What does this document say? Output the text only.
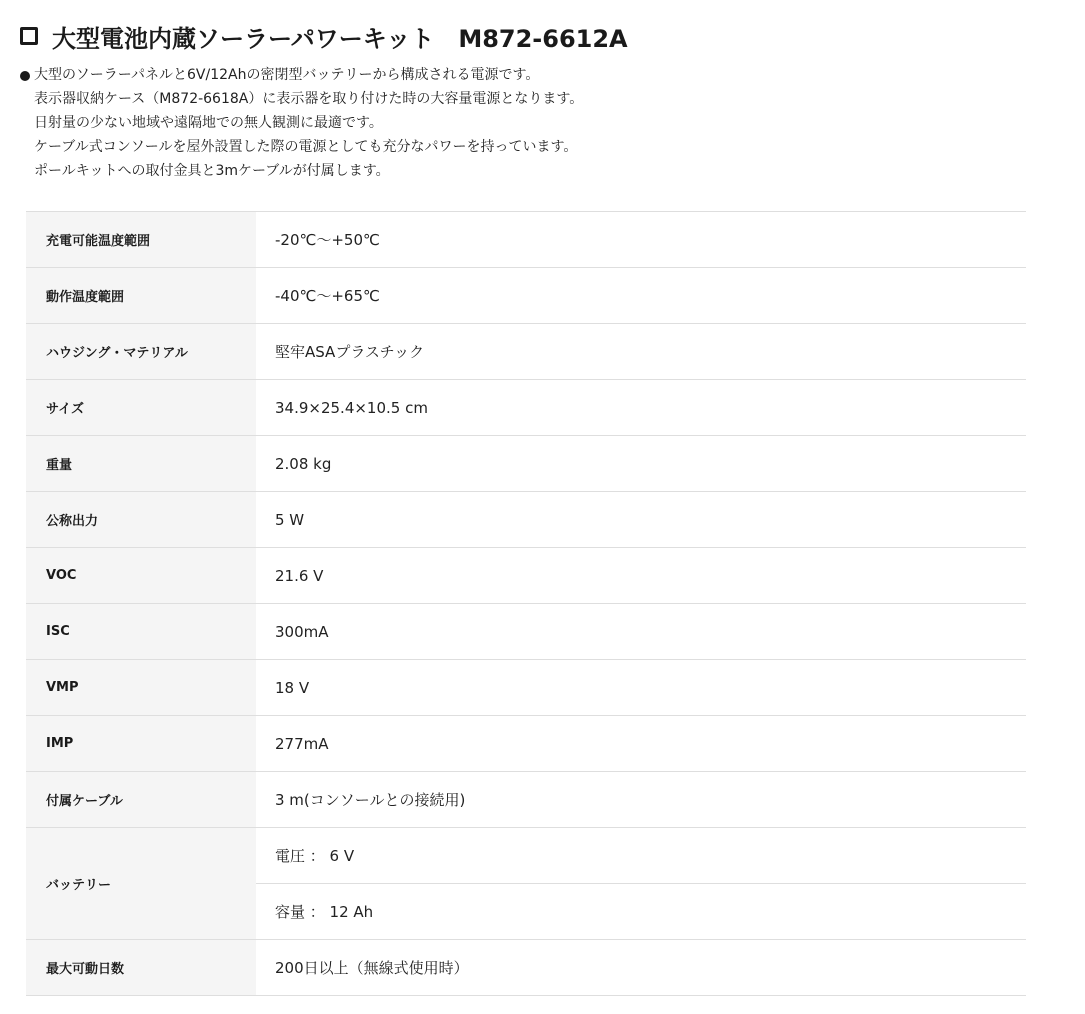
大型電池内蔵ソーラーパワーキット　M872-6612A
大型のソーラーパネルと6V/12Ahの密閉型バッテリーから構成される電源です。
表示器収納ケース（M872-6618A）に表示器を取り付けた時の大容量電源となります。
日射量の少ない地域や遠隔地での無人観測に最適です。
ケーブル式コンソールを屋外設置した際の電源としても充分なパワーを持っています。
ポールキットへの取付金具と3mケーブルが付属します。
充電可能温度範囲	-20℃～+50℃
動作温度範囲	-40℃～+65℃
ハウジング・マテリアル	堅牢ASAプラスチック
サイズ	34.9×25.4×10.5 cm
重量	2.08 kg
公称出力	5 W
VOC	21.6 V
ISC	300mA
VMP	18 V
IMP	277mA
付属ケーブル	3 m(コンソールとの接続用)
バッテリー	電圧 ： 6 V
	容量 ： 12 Ah
最大可動日数	200日以上（無線式使用時）
